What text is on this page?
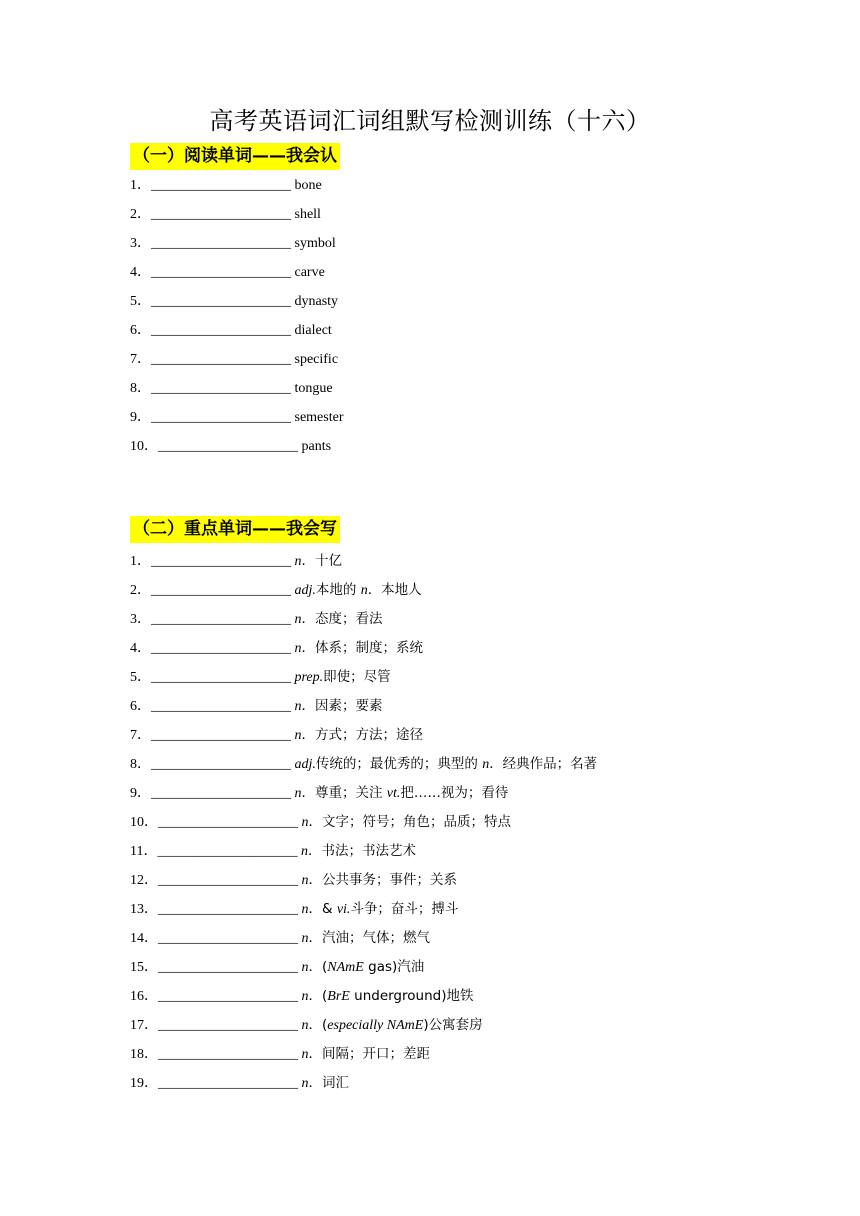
高考英语词汇词组默写检测训练（十六）
（一）阅读单词——我会认
1．____________________ bone
2．____________________ shell
3．____________________ symbol
4．____________________ carve
5．____________________ dynasty
6．____________________ dialect
7．____________________ specific
8．____________________ tongue
9．____________________ semester
10．____________________ pants
（二）重点单词——我会写
1．____________________ n．十亿
2．____________________ adj.本地的 n．本地人
3．____________________ n．态度；看法
4．____________________ n．体系；制度；系统
5．____________________ prep.即使；尽管
6．____________________ n．因素；要素
7．____________________ n．方式；方法；途径
8．____________________ adj.传统的；最优秀的；典型的 n．经典作品；名著
9．____________________ n．尊重；关注 vt.把……视为；看待
10．____________________ n．文字；符号；角色；品质；特点
11．____________________ n．书法；书法艺术
12．____________________ n．公共事务；事件；关系
13．____________________ n．& vi.斗争；奋斗；搏斗
14．____________________ n．汽油；气体；燃气
15．____________________ n．(NAmE gas)汽油
16．____________________ n．(BrE underground)地铁
17．____________________ n．(especially NAmE)公寓套房
18．____________________ n．间隔；开口；差距
19．____________________ n．词汇
